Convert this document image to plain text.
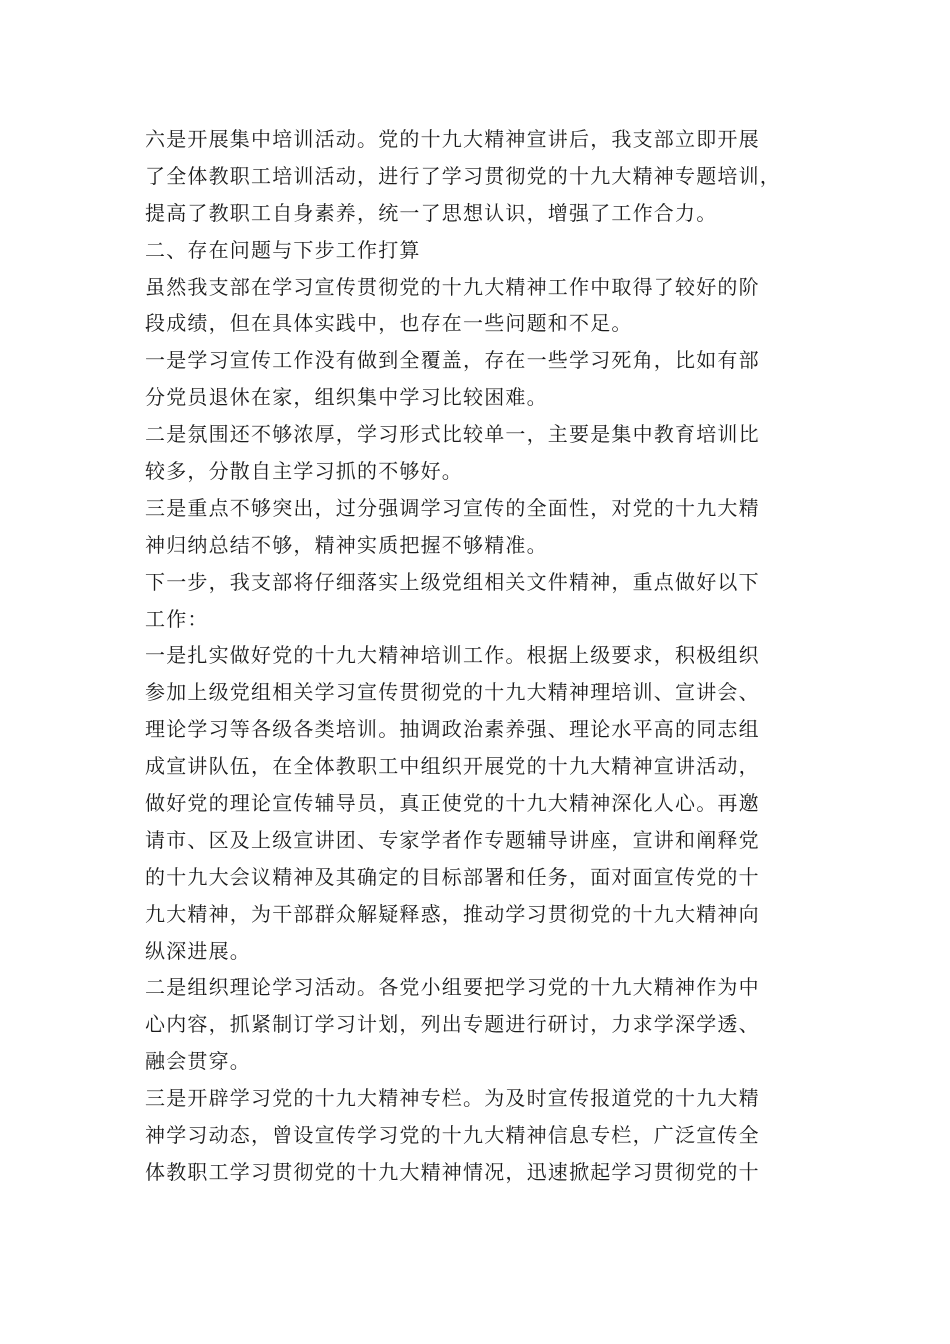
六是开展集中培训活动。党的十九大精神宣讲后，我支部立即开展
了全体教职工培训活动，进行了学习贯彻党的十九大精神专题培训，
提高了教职工自身素养，统一了思想认识，增强了工作合力。
二、存在问题与下步工作打算
虽然我支部在学习宣传贯彻党的十九大精神工作中取得了较好的阶
段成绩，但在具体实践中，也存在一些问题和不足。
一是学习宣传工作没有做到全覆盖，存在一些学习死角，比如有部
分党员退休在家，组织集中学习比较困难。
二是氛围还不够浓厚，学习形式比较单一，主要是集中教育培训比
较多，分散自主学习抓的不够好。
三是重点不够突出，过分强调学习宣传的全面性，对党的十九大精
神归纳总结不够，精神实质把握不够精准。
下一步，我支部将仔细落实上级党组相关文件精神，重点做好以下
工作：
一是扎实做好党的十九大精神培训工作。根据上级要求，积极组织
参加上级党组相关学习宣传贯彻党的十九大精神理培训、宣讲会、
理论学习等各级各类培训。抽调政治素养强、理论水平高的同志组
成宣讲队伍，在全体教职工中组织开展党的十九大精神宣讲活动，
做好党的理论宣传辅导员，真正使党的十九大精神深化人心。再邀
请市、区及上级宣讲团、专家学者作专题辅导讲座，宣讲和阐释党
的十九大会议精神及其确定的目标部署和任务，面对面宣传党的十
九大精神，为干部群众解疑释惑，推动学习贯彻党的十九大精神向
纵深进展。
二是组织理论学习活动。各党小组要把学习党的十九大精神作为中
心内容，抓紧制订学习计划，列出专题进行研讨，力求学深学透、
融会贯穿。
三是开辟学习党的十九大精神专栏。为及时宣传报道党的十九大精
神学习动态，曾设宣传学习党的十九大精神信息专栏，广泛宣传全
体教职工学习贯彻党的十九大精神情况，迅速掀起学习贯彻党的十
